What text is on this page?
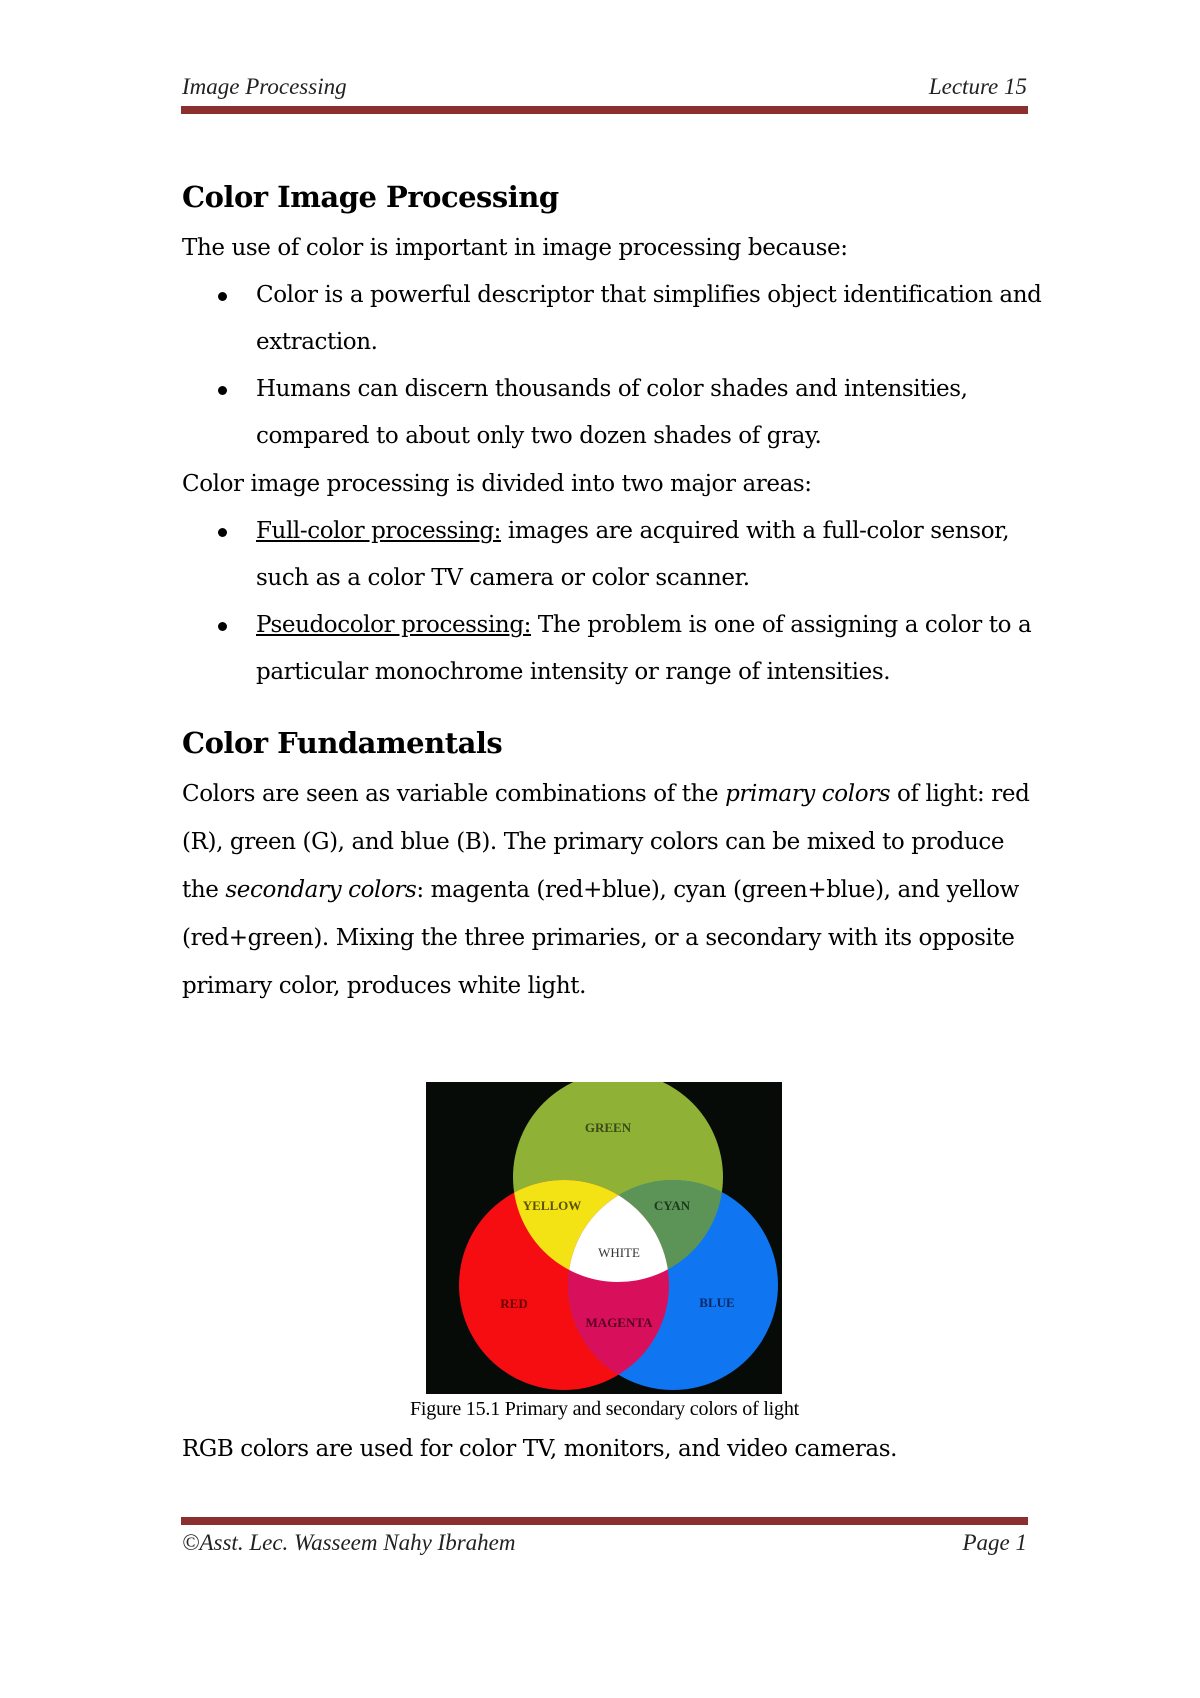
Image Processing	Lecture 15
Color Image Processing

The use of color is important in image processing because:

Color is a powerful descriptor that simplifies object identification and extraction.
Humans can discern thousands of color shades and intensities, compared to about only two dozen shades of gray.

Color image processing is divided into two major areas:

Full-color processing: images are acquired with a full-color sensor, such as a color TV camera or color scanner.
Pseudocolor processing: The problem is one of assigning a color to a particular monochrome intensity or range of intensities.
Color Fundamentals

Colors are seen as variable combinations of the primary colors of light: red (R), green (G), and blue (B). The primary colors can be mixed to produce the secondary colors: magenta (red+blue), cyan (green+blue), and yellow (red+green). Mixing the three primaries, or a secondary with its opposite primary color, produces white light.

GREEN
YELLOW	CYAN
WHITE
RED
MAGENTA
BLUE
Figure 15.1 Primary and secondary colors of light
RGB colors are used for color TV, monitors, and video cameras.
©Asst. Lec. Wasseem Nahy Ibrahem	Page 1
